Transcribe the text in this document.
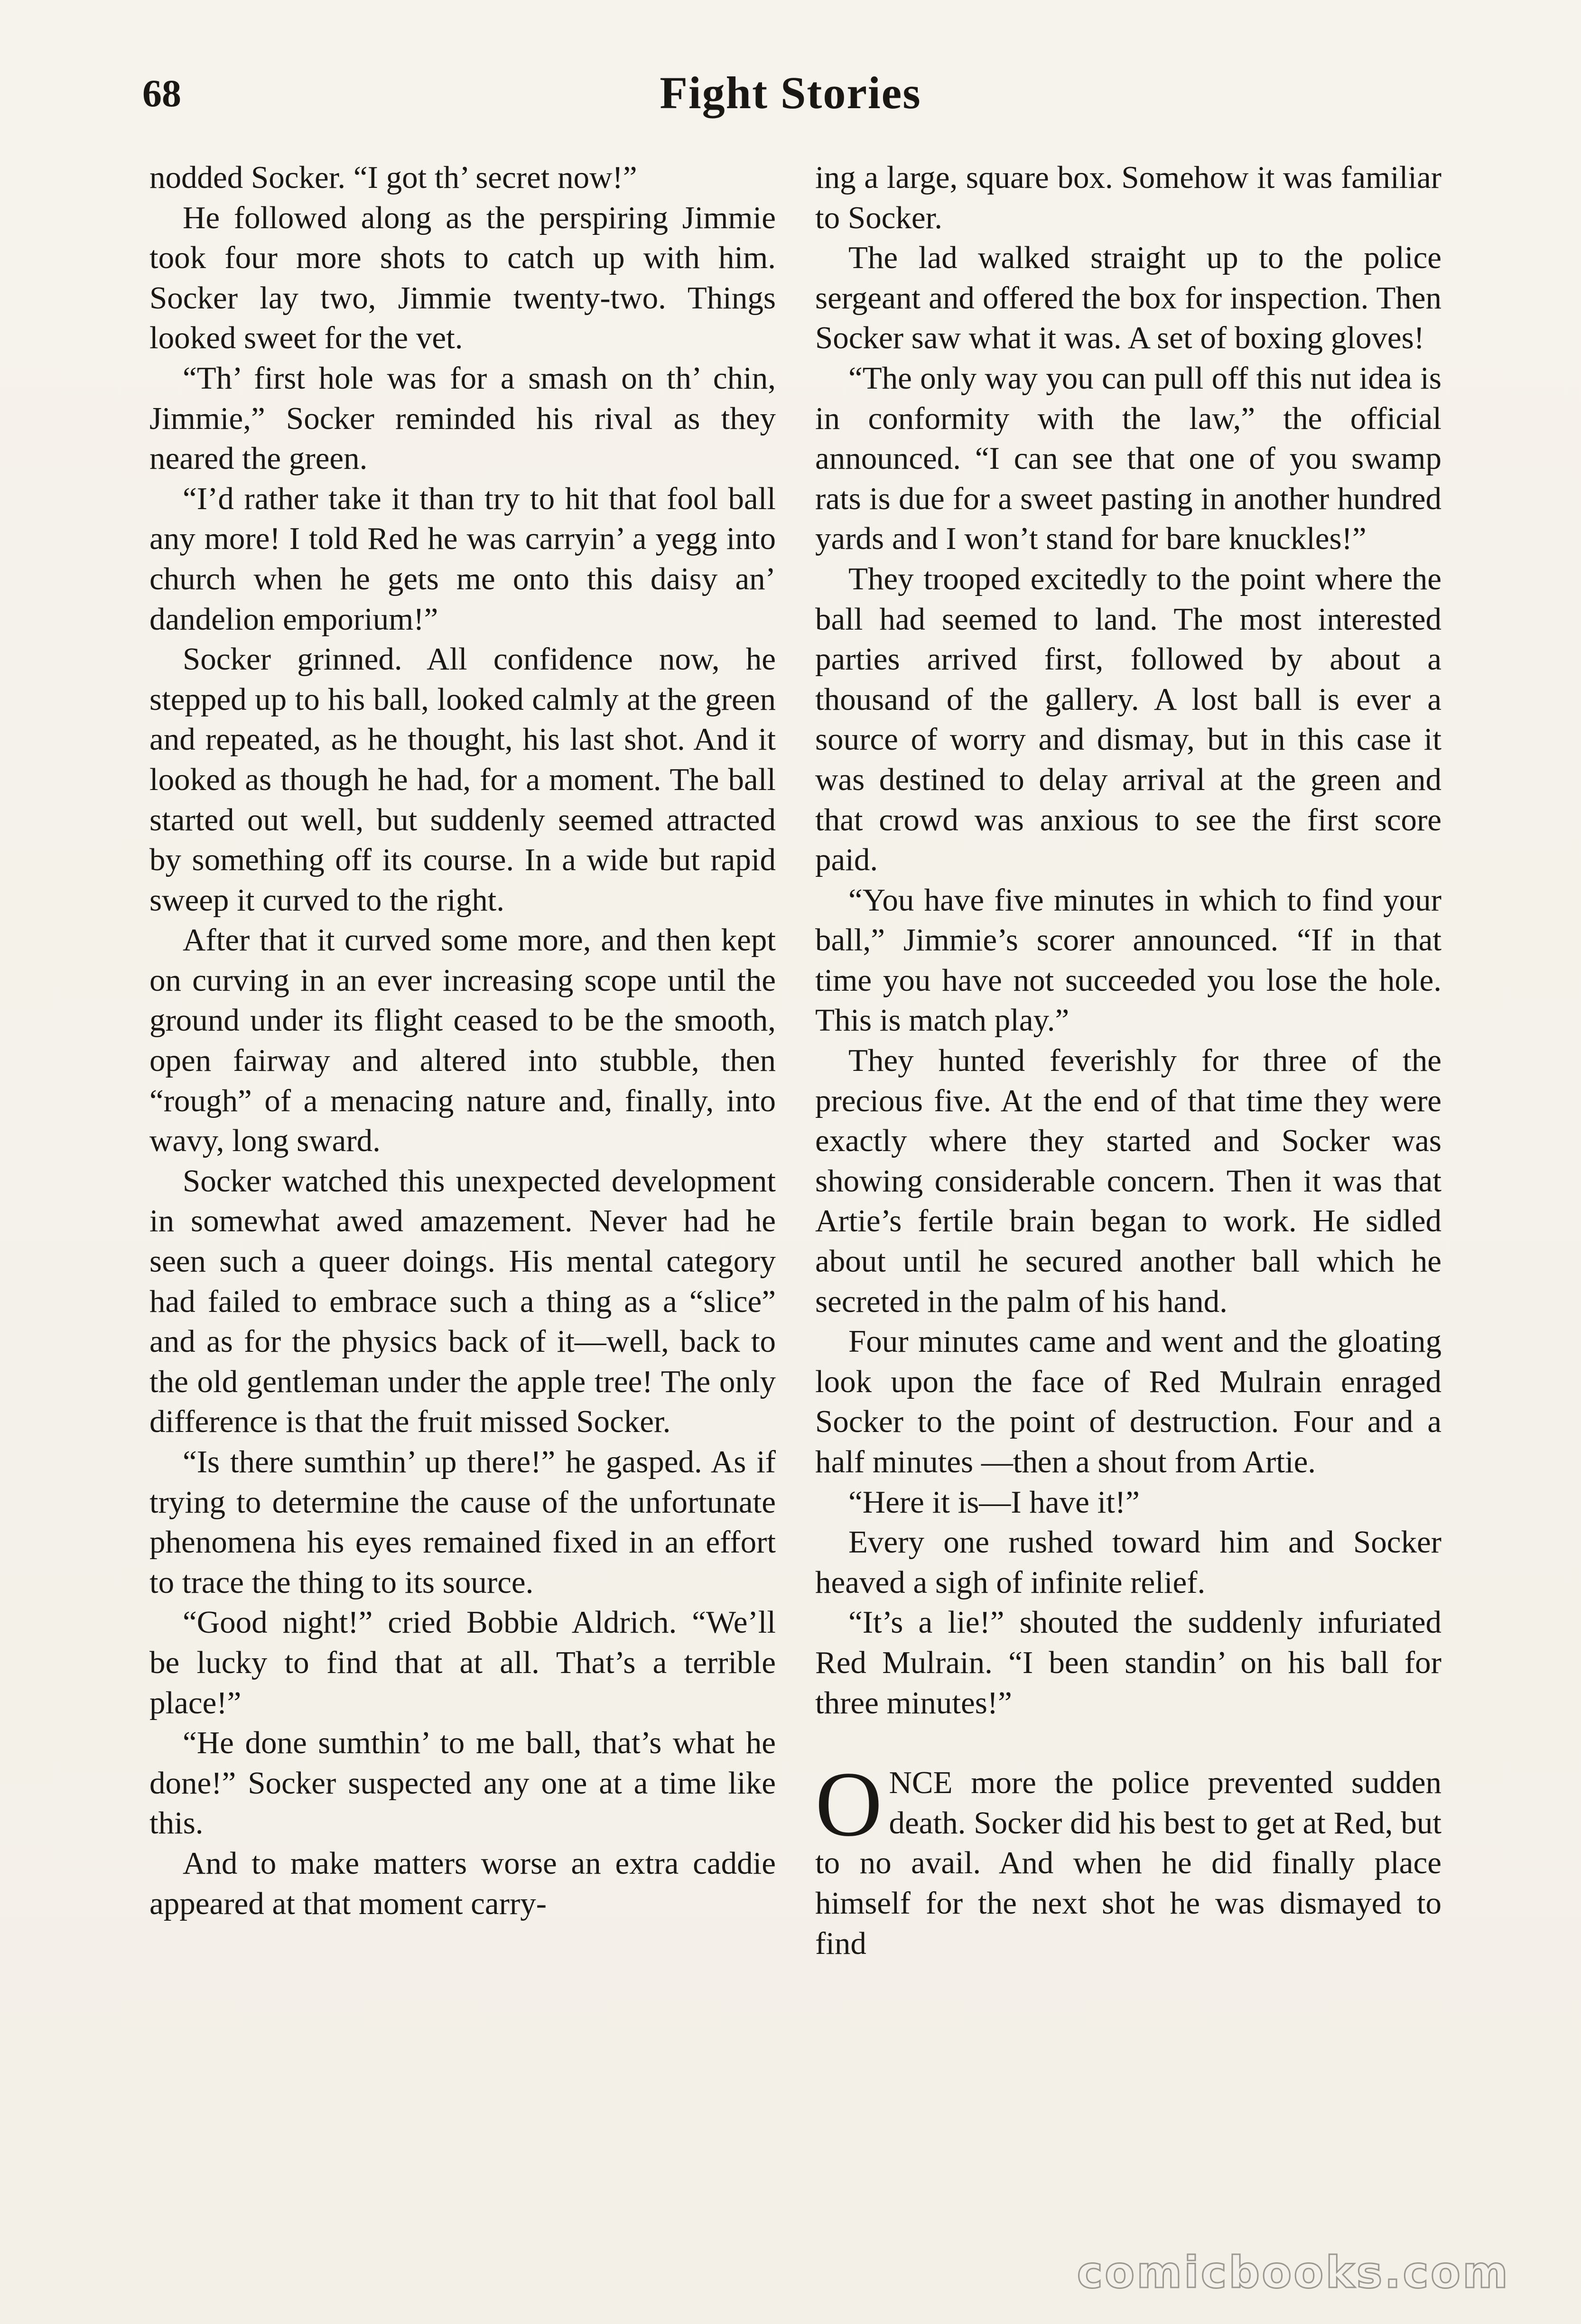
68	Fight Stories

nodded Socker. “I got th’ secret now!”

He followed along as the perspiring Jimmie took four more shots to catch up with him. Socker lay two, Jimmie twenty-two. Things looked sweet for the vet.

“Th’ first hole was for a smash on th’ chin, Jimmie,” Socker reminded his rival as they neared the green.

“I’d rather take it than try to hit that fool ball any more! I told Red he was carryin’ a yegg into church when he gets me onto this daisy an’ dandelion emporium!”

Socker grinned. All confidence now, he stepped up to his ball, looked calmly at the green and repeated, as he thought, his last shot. And it looked as though he had, for a moment. The ball started out well, but suddenly seemed attracted by something off its course. In a wide but rapid sweep it curved to the right.

After that it curved some more, and then kept on curving in an ever increasing scope until the ground under its flight ceased to be the smooth, open fairway and altered into stubble, then “rough” of a menacing nature and, finally, into wavy, long sward.

Socker watched this unexpected development in somewhat awed amazement. Never had he seen such a queer doings. His mental category had failed to embrace such a thing as a “slice” and as for the physics back of it—well, back to the old gentleman under the apple tree! The only difference is that the fruit missed Socker.

“Is there sumthin’ up there!” he gasped. As if trying to determine the cause of the unfortunate phenomena his eyes remained fixed in an effort to trace the thing to its source.

“Good night!” cried Bobbie Aldrich. “We’ll be lucky to find that at all. That’s a terrible place!”

“He done sumthin’ to me ball, that’s what he done!” Socker suspected any one at a time like this.

And to make matters worse an extra caddie appeared at that moment carry-

ing a large, square box. Somehow it was familiar to Socker.

The lad walked straight up to the police sergeant and offered the box for inspection. Then Socker saw what it was. A set of boxing gloves!

“The only way you can pull off this nut idea is in conformity with the law,” the official announced. “I can see that one of you swamp rats is due for a sweet pasting in another hundred yards and I won’t stand for bare knuckles!”

They trooped excitedly to the point where the ball had seemed to land. The most interested parties arrived first, followed by about a thousand of the gallery. A lost ball is ever a source of worry and dismay, but in this case it was destined to delay arrival at the green and that crowd was anxious to see the first score paid.

“You have five minutes in which to find your ball,” Jimmie’s scorer announced. “If in that time you have not succeeded you lose the hole. This is match play.”

They hunted feverishly for three of the precious five. At the end of that time they were exactly where they started and Socker was showing considerable concern. Then it was that Artie’s fertile brain began to work. He sidled about until he secured another ball which he secreted in the palm of his hand.

Four minutes came and went and the gloating look upon the face of Red Mulrain enraged Socker to the point of destruction. Four and a half minutes —then a shout from Artie.

“Here it is—I have it!”

Every one rushed toward him and Socker heaved a sigh of infinite relief.

“It’s a lie!” shouted the suddenly infuriated Red Mulrain. “I been standin’ on his ball for three minutes!”

ONCE more the police prevented sudden death. Socker did his best to get at Red, but to no avail. And when he did finally place himself for the next shot he was dismayed to find

comicbooks.com
